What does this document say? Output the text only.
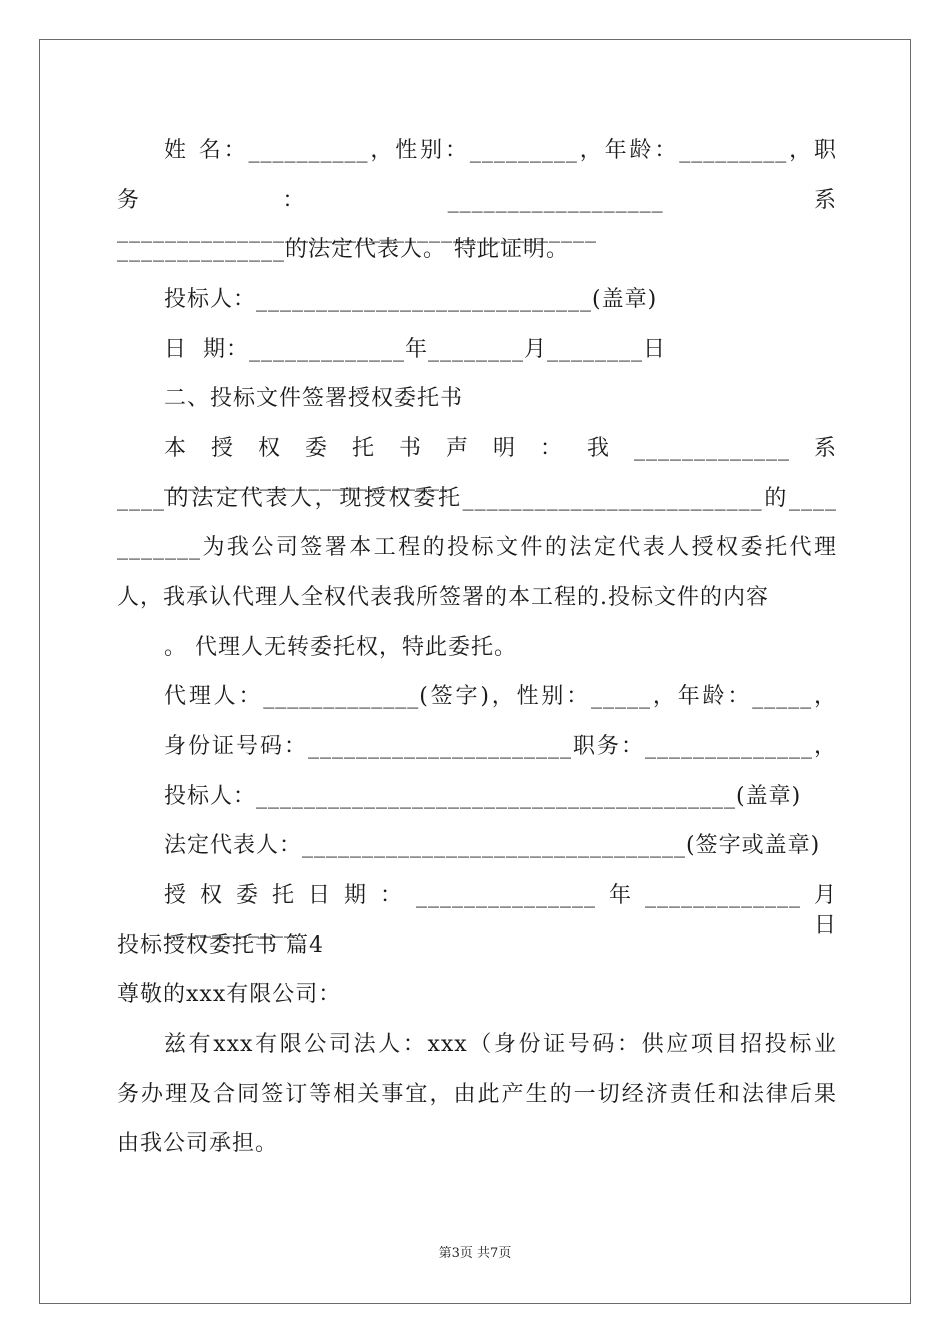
姓 名：__________，性别：_________，年龄：_________，职
务：__________________ 系________________________________________
______________的法定代表人。 特此证明。
投标人：____________________________(盖章)
日  期：_____________年________月________日
二、投标文件签署授权委托书
本授权委托书声明：我_____________系________________________
____的法定代表人，现授权委托_________________________的____
_______为我公司签署本工程的投标文件的法定代表人授权委托代理
人，我承认代理人全权代表我所签署的本工程的.投标文件的内容
。 代理人无转委托权，特此委托。
代理人：_____________(签字)，性别：_____，年龄：_____，
身份证号码：______________________职务：______________，
投标人：________________________________________(盖章)
法定代表人：________________________________(签字或盖章)
授权委托日期：_______________年_____________月___________日
投标授权委托书 篇4
尊敬的xxx有限公司：
兹有xxx有限公司法人：xxx（身份证号码：供应项目招投标业
务办理及合同签订等相关事宜，由此产生的一切经济责任和法律后果
由我公司承担。
第3页 共7页
